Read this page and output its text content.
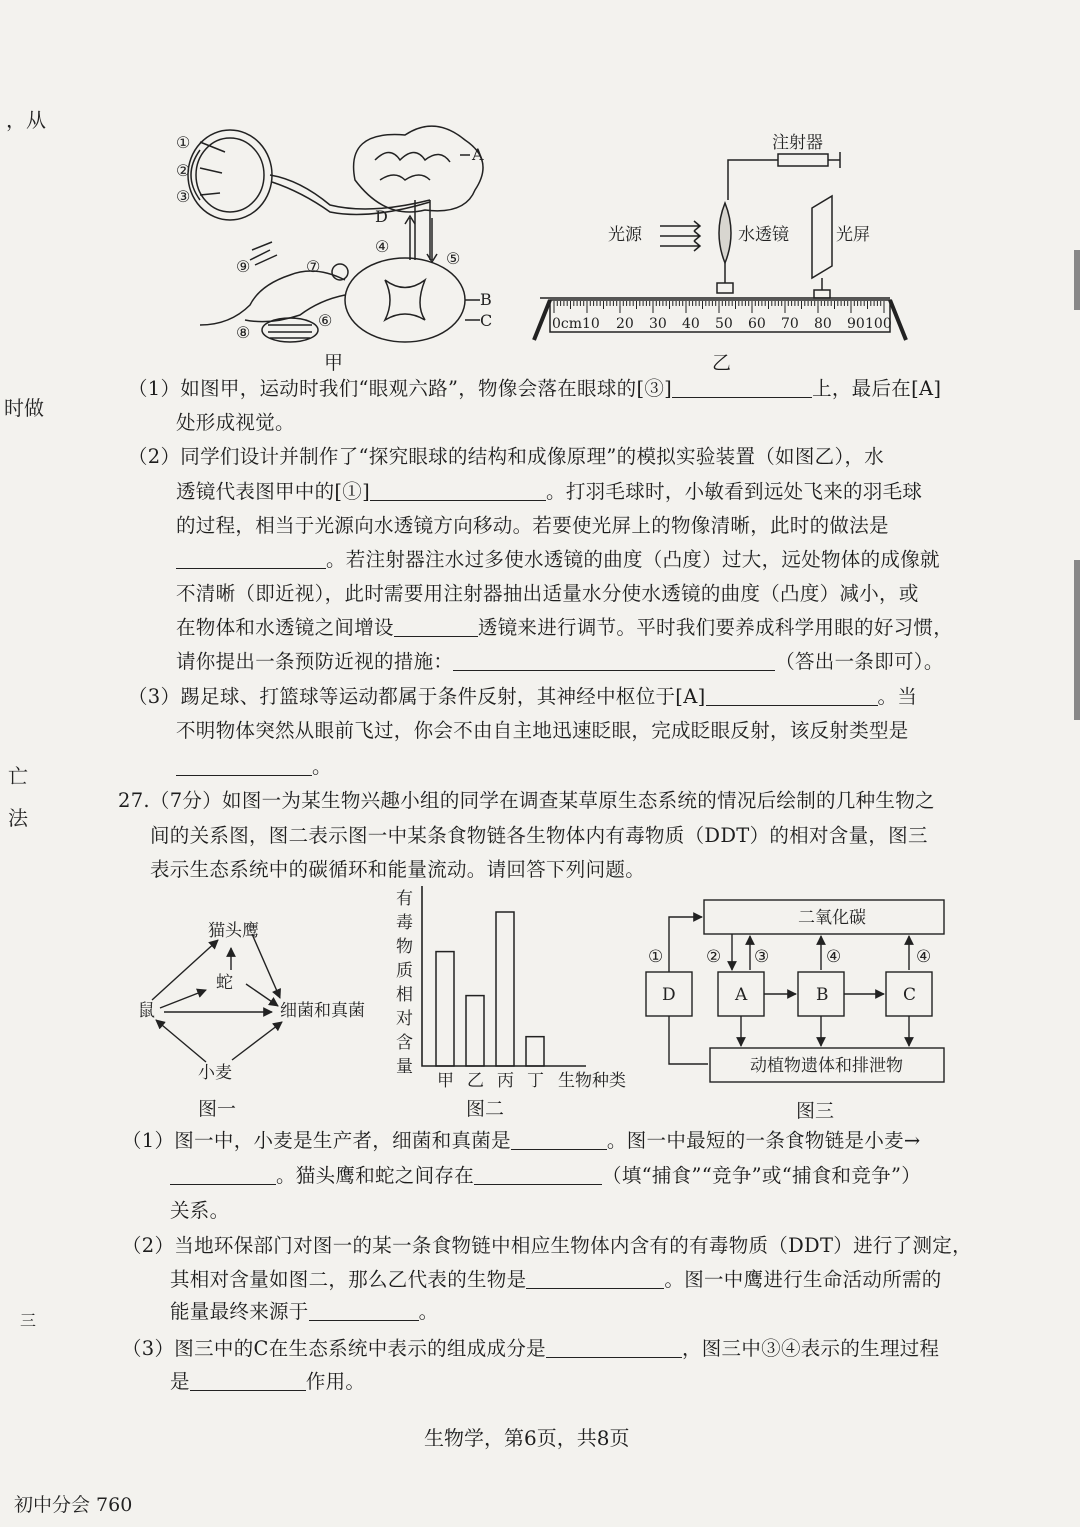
，从
时做
亡
法
三
①
②
③
④
⑤
⑥
⑦
⑧
⑨
A
B
C
D
甲
注射器
光源	水透镜	光屏
0cm10 20 30 40 50 60 70 80 90 100
乙
（1）如图甲，运动时我们“眼观六路”，物像会落在眼球的[③]	上，最后在[A]
处形成视觉。
（2）同学们设计并制作了“探究眼球的结构和成像原理”的模拟实验装置（如图乙），水
透镜代表图甲中的[①]	。打羽毛球时，小敏看到远处飞来的羽毛球
的过程，相当于光源向水透镜方向移动。若要使光屏上的物像清晰，此时的做法是
。若注射器注水过多使水透镜的曲度（凸度）过大，远处物体的成像就
不清晰（即近视），此时需要用注射器抽出适量水分使水透镜的曲度（凸度）减小，或
在物体和水透镜之间增设	透镜来进行调节。平时我们要养成科学用眼的好习惯，
请你提出一条预防近视的措施：	（答出一条即可）。
（3）踢足球、打篮球等运动都属于条件反射，其神经中枢位于[A]	。当
不明物体突然从眼前飞过，你会不由自主地迅速眨眼，完成眨眼反射，该反射类型是
。
27.（7分）如图一为某生物兴趣小组的同学在调查某草原生态系统的情况后绘制的几种生物之
间的关系图，图二表示图一中某条食物链各生物体内有毒物质（DDT）的相对含量，图三
表示生态系统中的碳循环和能量流动。请回答下列问题。
猫头鹰
蛇
鼠	细菌和真菌
小麦
图一
有
毒
物
质
相
对
含
量
甲 乙 丙 丁 生物种类
图二
二氧化碳
D	A	B	C
①	② ③	④	④
动植物遗体和排泄物
图三
（1）图一中，小麦是生产者，细菌和真菌是	。图一中最短的一条食物链是小麦→
。猫头鹰和蛇之间存在	（填“捕食”“竞争”或“捕食和竞争”）
关系。
（2）当地环保部门对图一的某一条食物链中相应生物体内含有的有毒物质（DDT）进行了测定，
其相对含量如图二，那么乙代表的生物是	。图一中鹰进行生命活动所需的
能量最终来源于	。
（3）图三中的C在生态系统中表示的组成成分是	，图三中③④表示的生理过程
是	作用。
生物学，第6页，共8页
初中分会 760
